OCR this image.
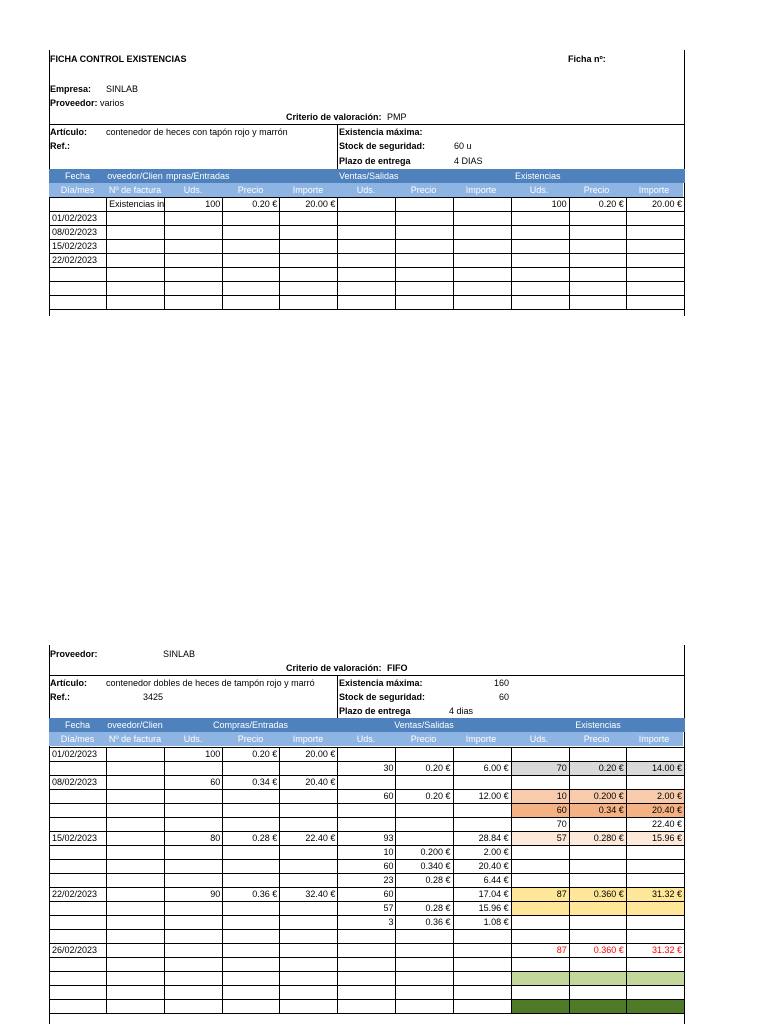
FICHA CONTROL EXISTENCIAS	Ficha nº:
Empresa: SINLAB
Proveedor: varios
Criterio de valoración: PMP
Artículo: contenedor de heces con tapón rojo y marrón
Ref.:
Existencia máxima:
Stock de seguridad:	60 u
Plazo de entrega	4 DIAS
Fecha	oveedor/Clien mpras/Entradas	Ventas/Salidas	Existencias
Día/mes	Nº de factura	Uds.	Precio	Importe	Uds.	Precio	Importe	Uds.	Precio	Importe
	Existencias in	100	0.20 €	20.00 €				100	0.20 €	20.00 €
01/02/2023										
08/02/2023										
15/02/2023										
22/02/2023										

Proveedor:	SINLAB
Criterio de valoración: FIFO
Artículo: contenedor dobles de heces de tampón rojo y marró
Ref.:	3425
Existencia máxima:	160
Stock de seguridad:	60
Plazo de entrega	4 dias
Fecha	oveedor/Clien	Compras/Entradas	Ventas/Salidas	Existencias
Día/mes	Nº de factura	Uds.	Precio	Importe	Uds.	Precio	Importe	Uds.	Precio	Importe
01/02/2023		100	0.20 €	20.00 €						
					30	0.20 €	6.00 €	70	0.20 €	14.00 €
08/02/2023		60	0.34 €	20.40 €						
					60	0.20 €	12.00 €	10	0.200 €	2.00 €
								60	0.34 €	20.40 €
								70		22.40 €
15/02/2023		80	0.28 €	22.40 €	93		28.84 €	57	0.280 €	15.96 €
					10	0.200 €	2.00 €			
					60	0.340 €	20.40 €			
					23	0.28 €	6.44 €			
22/02/2023		90	0.36 €	32.40 €	60		17.04 €	87	0.360 €	31.32 €
					57	0.28 €	15.96 €			
					3	0.36 €	1.08 €			

26/02/2023								87	0.360 €	31.32 €
